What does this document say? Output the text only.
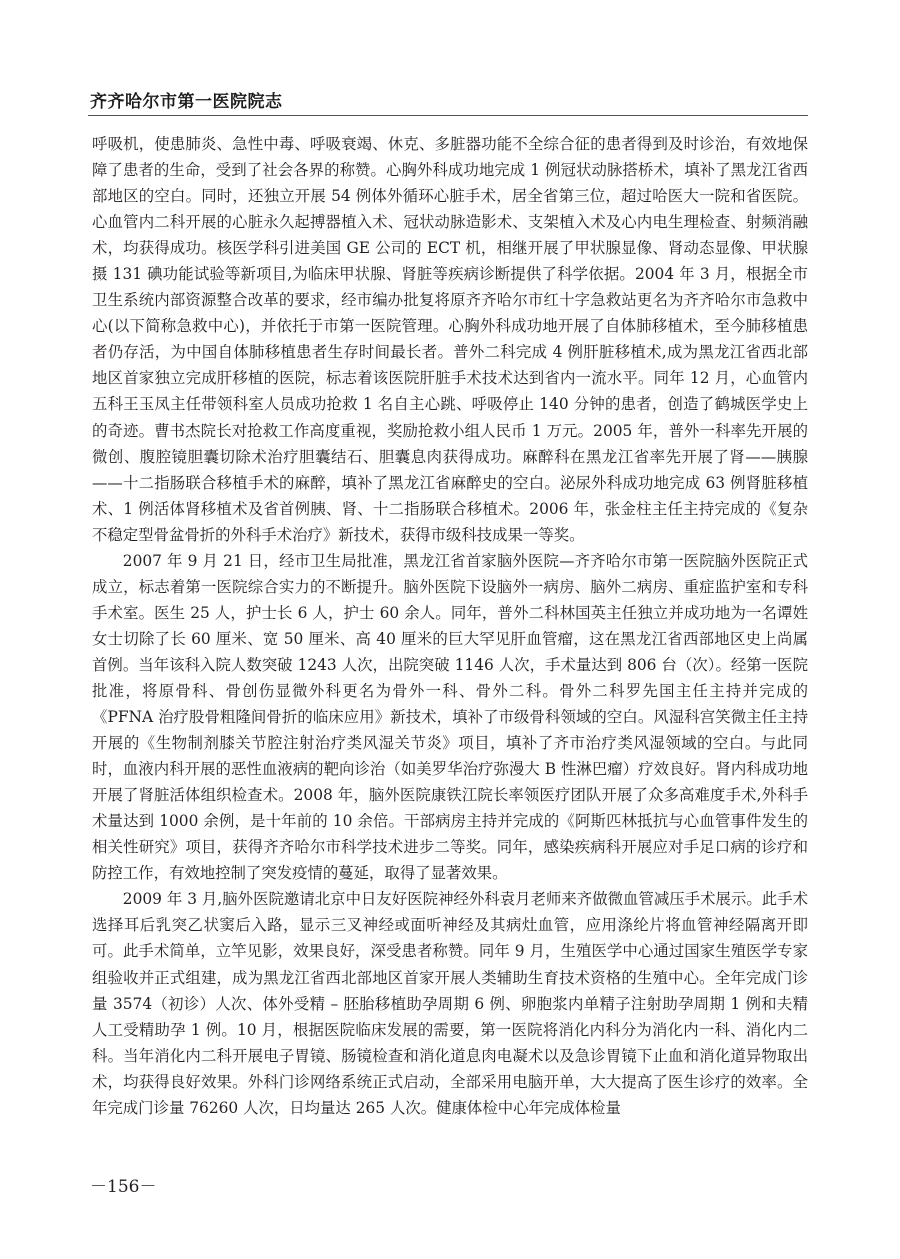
齐齐哈尔市第一医院院志

呼吸机，使患肺炎、急性中毒、呼吸衰竭、休克、多脏器功能不全综合征的患者得到及时诊治，有效地保障了患者的生命，受到了社会各界的称赞。心胸外科成功地完成 1 例冠状动脉搭桥术，填补了黑龙江省西部地区的空白。同时，还独立开展 54 例体外循环心脏手术，居全省第三位，超过哈医大一院和省医院。心血管内二科开展的心脏永久起搏器植入术、冠状动脉造影术、支架植入术及心内电生理检查、射频消融术，均获得成功。核医学科引进美国 GE 公司的 ECT 机，相继开展了甲状腺显像、肾动态显像、甲状腺摄 131 碘功能试验等新项目,为临床甲状腺、肾脏等疾病诊断提供了科学依据。2004 年 3 月，根据全市卫生系统内部资源整合改革的要求，经市编办批复将原齐齐哈尔市红十字急救站更名为齐齐哈尔市急救中心(以下简称急救中心)，并依托于市第一医院管理。心胸外科成功地开展了自体肺移植术，至今肺移植患者仍存活，为中国自体肺移植患者生存时间最长者。普外二科完成 4 例肝脏移植术,成为黑龙江省西北部地区首家独立完成肝移植的医院，标志着该医院肝脏手术技术达到省内一流水平。同年 12 月，心血管内五科王玉凤主任带领科室人员成功抢救 1 名自主心跳、呼吸停止 140 分钟的患者，创造了鹤城医学史上的奇迹。曹书杰院长对抢救工作高度重视，奖励抢救小组人民币 1 万元。2005 年，普外一科率先开展的微创、腹腔镜胆囊切除术治疗胆囊结石、胆囊息肉获得成功。麻醉科在黑龙江省率先开展了肾——胰腺——十二指肠联合移植手术的麻醉，填补了黑龙江省麻醉史的空白。泌尿外科成功地完成 63 例肾脏移植术、1 例活体肾移植术及省首例胰、肾、十二指肠联合移植术。2006 年，张金柱主任主持完成的《复杂不稳定型骨盆骨折的外科手术治疗》新技术，获得市级科技成果一等奖。

2007 年 9 月 21 日，经市卫生局批准，黑龙江省首家脑外医院—齐齐哈尔市第一医院脑外医院正式成立，标志着第一医院综合实力的不断提升。脑外医院下设脑外一病房、脑外二病房、重症监护室和专科手术室。医生 25 人，护士长 6 人，护士 60 余人。同年，普外二科林国英主任独立并成功地为一名谭姓女士切除了长 60 厘米、宽 50 厘米、高 40 厘米的巨大罕见肝血管瘤，这在黑龙江省西部地区史上尚属首例。当年该科入院人数突破 1243 人次，出院突破 1146 人次，手术量达到 806 台（次）。经第一医院批准，将原骨科、骨创伤显微外科更名为骨外一科、骨外二科。骨外二科罗先国主任主持并完成的《PFNA 治疗股骨粗隆间骨折的临床应用》新技术，填补了市级骨科领域的空白。风湿科宫笑微主任主持开展的《生物制剂膝关节腔注射治疗类风湿关节炎》项目，填补了齐市治疗类风湿领域的空白。与此同时，血液内科开展的恶性血液病的靶向诊治（如美罗华治疗弥漫大 B 性淋巴瘤）疗效良好。肾内科成功地开展了肾脏活体组织检查术。2008 年，脑外医院康铁江院长率领医疗团队开展了众多高难度手术,外科手术量达到 1000 余例，是十年前的 10 余倍。干部病房主持并完成的《阿斯匹林抵抗与心血管事件发生的相关性研究》项目，获得齐齐哈尔市科学技术进步二等奖。同年，感染疾病科开展应对手足口病的诊疗和防控工作，有效地控制了突发疫情的蔓延，取得了显著效果。

2009 年 3 月,脑外医院邀请北京中日友好医院神经外科袁月老师来齐做微血管减压手术展示。此手术选择耳后乳突乙状窦后入路，显示三叉神经或面听神经及其病灶血管，应用涤纶片将血管神经隔离开即可。此手术简单，立竿见影，效果良好，深受患者称赞。同年 9 月，生殖医学中心通过国家生殖医学专家组验收并正式组建，成为黑龙江省西北部地区首家开展人类辅助生育技术资格的生殖中心。全年完成门诊量 3574（初诊）人次、体外受精 – 胚胎移植助孕周期 6 例、卵胞浆内单精子注射助孕周期 1 例和夫精人工受精助孕 1 例。10 月，根据医院临床发展的需要，第一医院将消化内科分为消化内一科、消化内二科。当年消化内二科开展电子胃镜、肠镜检查和消化道息肉电凝术以及急诊胃镜下止血和消化道异物取出术，均获得良好效果。外科门诊网络系统正式启动，全部采用电脑开单，大大提高了医生诊疗的效率。全年完成门诊量 76260 人次，日均量达 265 人次。健康体检中心年完成体检量

－156－
